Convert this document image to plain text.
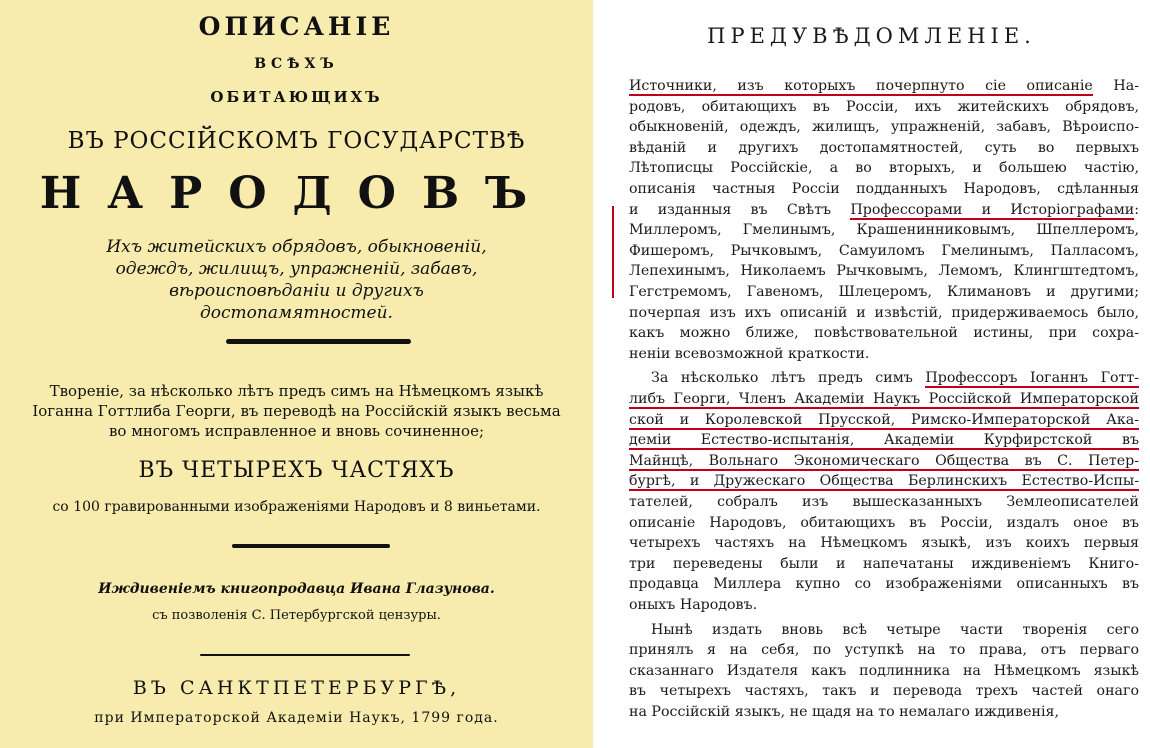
ОПИСАНIЕ

ВСѢХЪ

ОБИТАЮЩИХЪ

ВЪ РОССIЙСКОМЪ ГОСУДАРСТВѢ

НАРОДОВЪ

Ихъ житейскихъ обрядовъ, обыкновенiй, одеждъ, жилищъ, упражненiй, забавъ, вѣроисповѣданiи и другихъ достопамятностей.

Творенiе, за нѣсколько лѣтъ предъ симъ на Нѣмецкомъ языкѣ Iоганна Готтлиба Георги, въ переводѣ на Россiйскiй языкъ весьма во многомъ исправленное и вновь сочиненное;

ВЪ ЧЕТЫРЕХЪ ЧАСТЯХЪ

со 100 гравированными изображенiями Народовъ и 8 виньетами.

Иждивенiемъ книгопродавца Ивана Глазунова.

съ позволенiя С. Петербургской цензуры.

ВЪ САНКТПЕТЕРБУРГѢ,

при Императорской Академiи Наукъ, 1799 года.

ПРЕДУВѢДОМЛЕНIЕ.

Источники, изъ которыхъ почерпнуто сiе описанiе На-
родовъ, обитающихъ въ Россiи, ихъ житейскихъ обрядовъ,
обыкновенiй, одеждъ, жилищъ, упражненiй, забавъ, Вѣроиспо-
вѣданiй и другихъ достопамятностей, суть во первыхъ
Лѣтописцы Россiйскiе, а во вторыхъ, и большею частiю,
описанiя частныя Россiи подданныхъ Народовъ, сдѣланныя
и изданныя въ Свѣтъ Профессорами и Исторiографами:
Миллеромъ, Гмелинымъ, Крашенинниковымъ, Шпеллеромъ,
Фишеромъ, Рычковымъ, Самуиломъ Гмелинымъ, Палласомъ,
Лепехинымъ, Николаемъ Рычковымъ, Лемомъ, Клингштедтомъ,
Гегстремомъ, Гавеномъ, Шлецеромъ, Климановъ и другими;
почерпая изъ ихъ описанiй и извѣстiй, придерживаемось было,
какъ можно ближе, повѣствовательной истины, при сохра-
ненiи всевозможной краткости.
За нѣсколько лѣтъ предъ симъ Профессоръ Iоганнъ Готт-
либъ Георги, Членъ Академiи Наукъ Россiйской Императорской
ской и Королевской Прусской, Римско-Императорской Ака-
демiи Естество-испытанiя, Академiи Курфирстской въ
Майнцѣ, Вольнаго Экономическаго Общества въ С. Петер-
бургѣ, и Дружескаго Общества Берлинскихъ Естество-Испы-
тателей, собралъ изъ вышесказанныхъ Землеописателей
описанiе Народовъ, обитающихъ въ Россiи, издалъ оное въ
четырехъ частяхъ на Нѣмецкомъ языкѣ, изъ коихъ первыя
три переведены были и напечатаны иждивенiемъ Книго-
продавца Миллера купно со изображенiями описанныхъ въ
оныхъ Народовъ.
Нынѣ издать вновь всѣ четыре части творенiя сего
принялъ я на себя, по уступкѣ на то права, отъ перваго
сказаннаго Издателя какъ подлинника на Нѣмецкомъ языкѣ
въ четырехъ частяхъ, такъ и перевода трехъ частей онаго
на Россiйскiй языкъ, не щадя на то немалаго иждивенiя,
